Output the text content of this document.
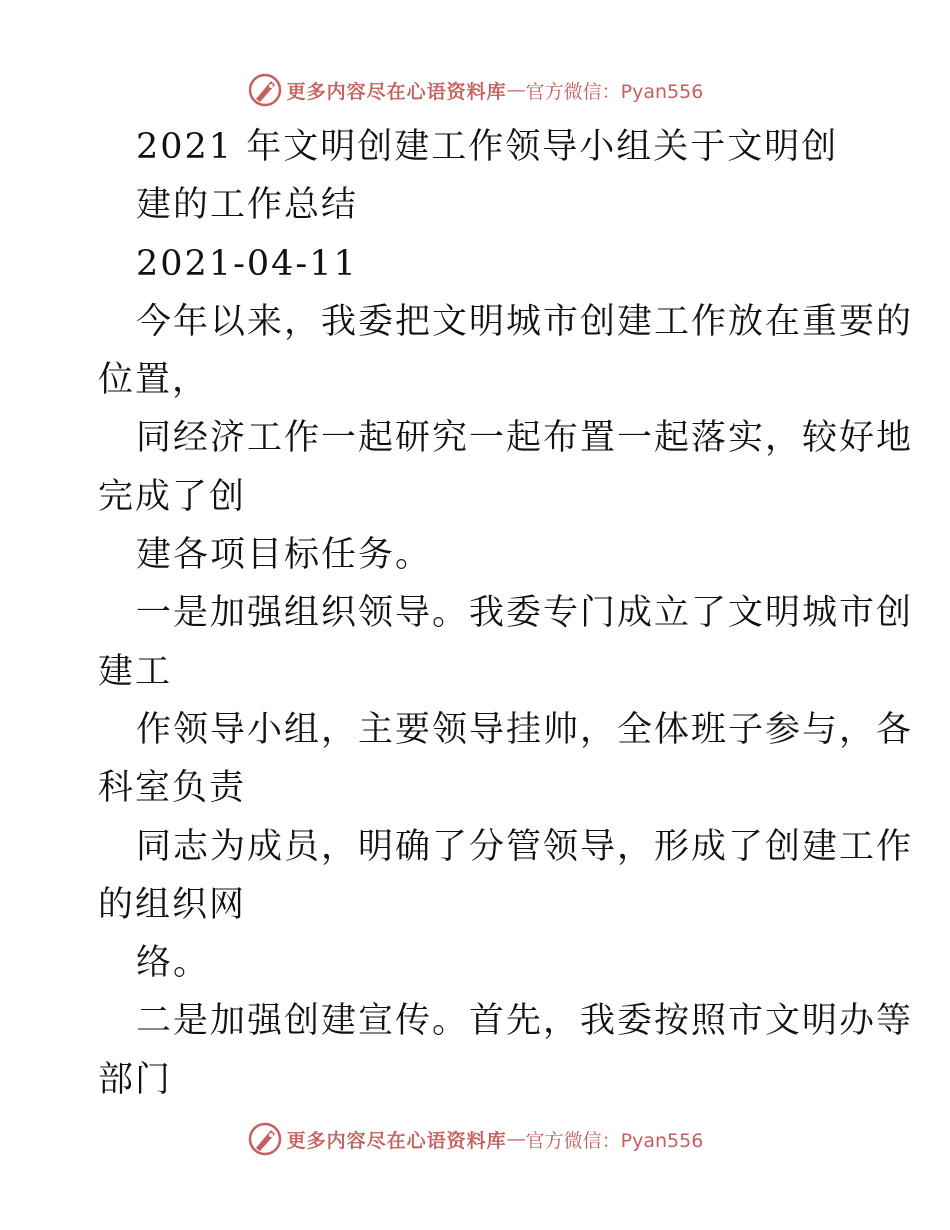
更多内容尽在心语资料库 — 官方微信：Pyan556
2021 年文明创建工作领导小组关于文明创
建的工作总结
2021-04-11
今年以来，我委把文明城市创建工作放在重要的
位置，
同经济工作一起研究一起布置一起落实，较好地
完成了创
建各项目标任务。
一是加强组织领导。我委专门成立了文明城市创
建工
作领导小组，主要领导挂帅，全体班子参与，各
科室负责
同志为成员，明确了分管领导，形成了创建工作
的组织网
络。
二是加强创建宣传。首先，我委按照市文明办等
部门
更多内容尽在心语资料库 — 官方微信：Pyan556
